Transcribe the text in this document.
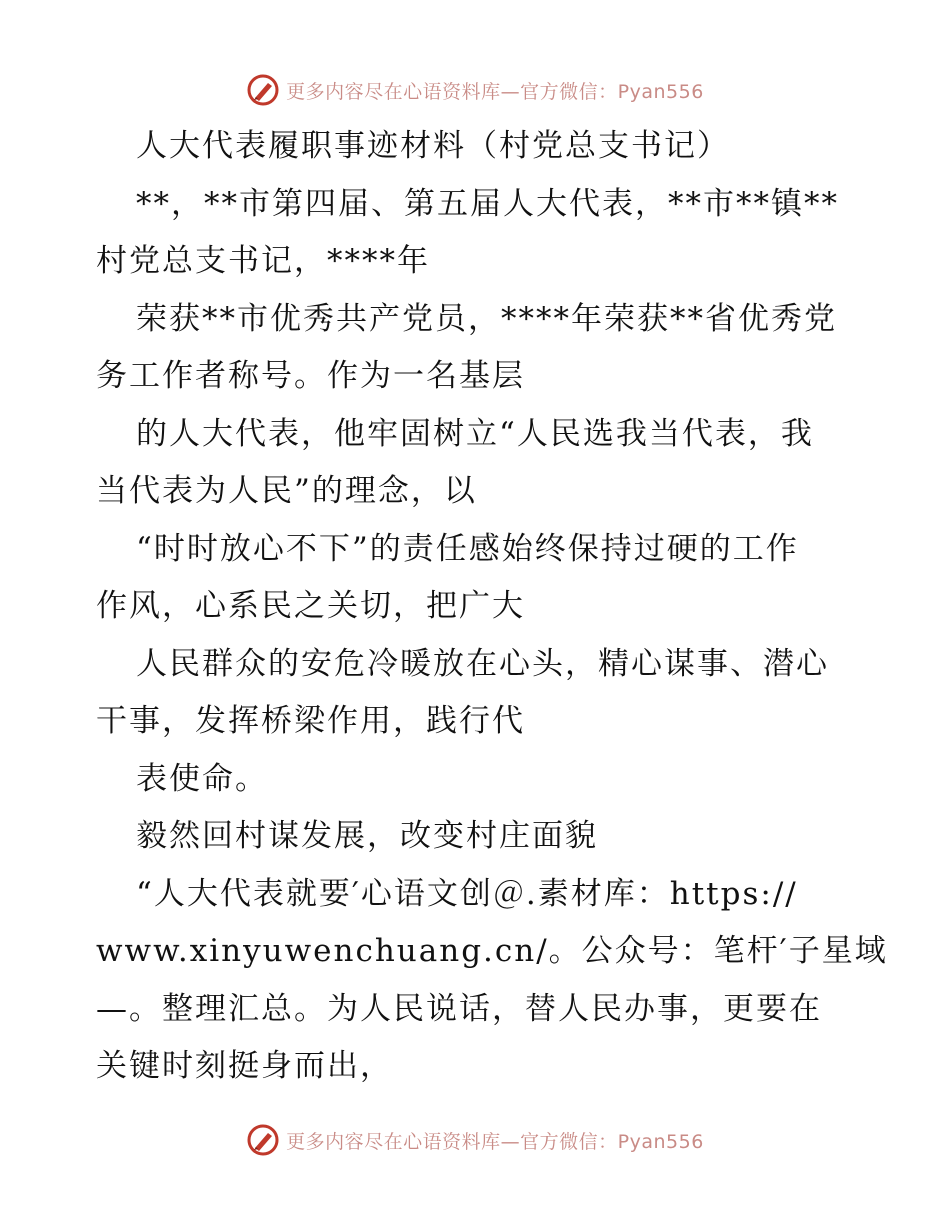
更多内容尽在心语资料库—官方微信：Pyan556
人大代表履职事迹材料（村党总支书记）
**，**市第四届、第五届人大代表，**市**镇**
村党总支书记，****年
荣获**市优秀共产党员，****年荣获**省优秀党
务工作者称号。作为一名基层
的人大代表，他牢固树立“人民选我当代表，我
当代表为人民”的理念，以
“时时放心不下”的责任感始终保持过硬的工作
作风，心系民之关切，把广大
人民群众的安危冷暖放在心头，精心谋事、潜心
干事，发挥桥梁作用，践行代
表使命。
毅然回村谋发展，改变村庄面貌
“人大代表就要′心语文创＠.素材库：https://
www.xinyuwenchuang.cn/。公众号：笔杆′子星域
—。整理汇总。为人民说话，替人民办事，更要在
关键时刻挺身而出，
更多内容尽在心语资料库—官方微信：Pyan556
